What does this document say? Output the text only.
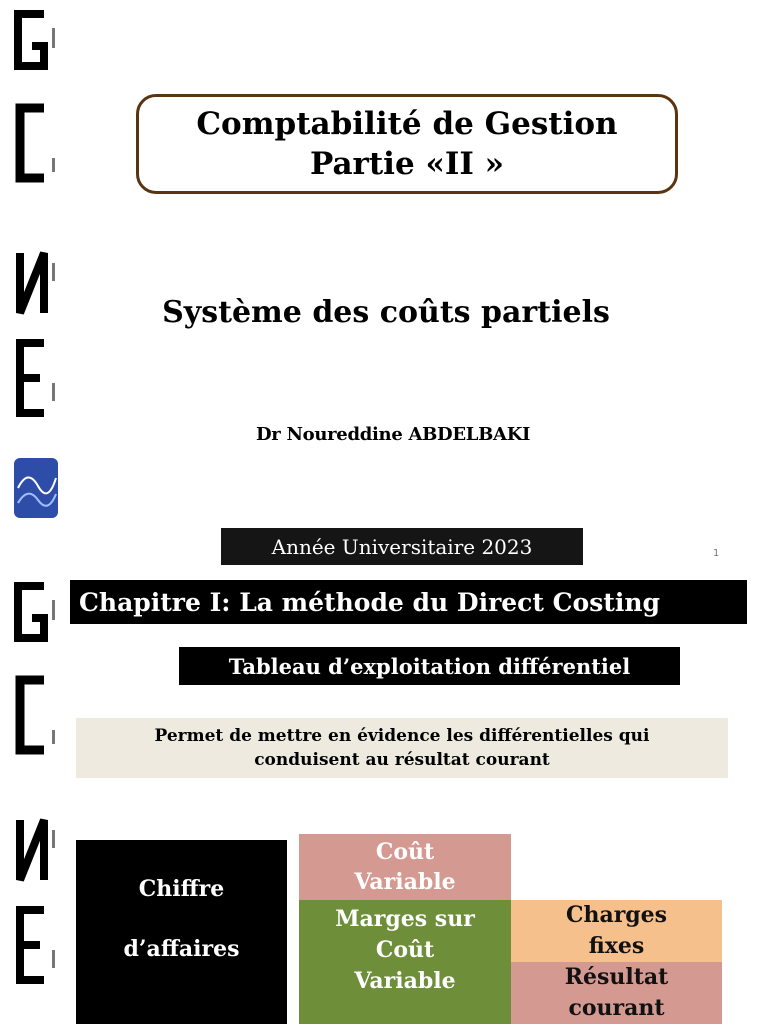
Comptabilité de Gestion
Partie «II »
Système des coûts partiels
Dr Noureddine ABDELBAKI
Année Universitaire 2023	1
Chapitre I: La méthode du Direct Costing
Tableau d’exploitation différentiel
Permet de mettre en évidence les différentielles qui
conduisent au résultat courant
Chiffre
d’affaires
Coût
Variable
Marges sur
Coût
Variable
Charges
fixes
Résultat
courant
